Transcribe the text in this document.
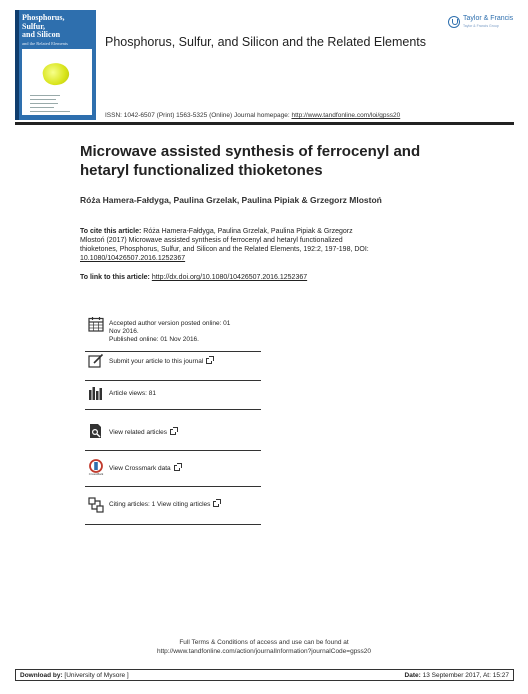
Phosphorus,
Sulfur,
and Silicon
and the Related Elements
Taylor & Francis
Taylor & Francis Group
Phosphorus, Sulfur, and Silicon and the Related Elements
ISSN: 1042-6507 (Print) 1563-5325 (Online) Journal homepage: http://www.tandfonline.com/loi/gpss20
Microwave assisted synthesis of ferrocenyl and
hetaryl functionalized thioketones
Róża Hamera-Fałdyga, Paulina Grzelak, Paulina Pipiak & Grzegorz Mlostoń
To cite this article: Róża Hamera-Fałdyga, Paulina Grzelak, Paulina Pipiak & Grzegorz
Mlostoń (2017) Microwave assisted synthesis of ferrocenyl and hetaryl functionalized
thioketones, Phosphorus, Sulfur, and Silicon and the Related Elements, 192:2, 197-198, DOI:
10.1080/10426507.2016.1252367
To link to this article: http://dx.doi.org/10.1080/10426507.2016.1252367
Accepted author version posted online: 01
Nov 2016.
Published online: 01 Nov 2016.
Submit your article to this journal
Article views: 81
View related articles
CrossMark
View Crossmark data
Citing articles: 1 View citing articles
Full Terms & Conditions of access and use can be found at
http://www.tandfonline.com/action/journalInformation?journalCode=gpss20
Download by: [University of Mysore ]	Date: 13 September 2017, At: 15:27
